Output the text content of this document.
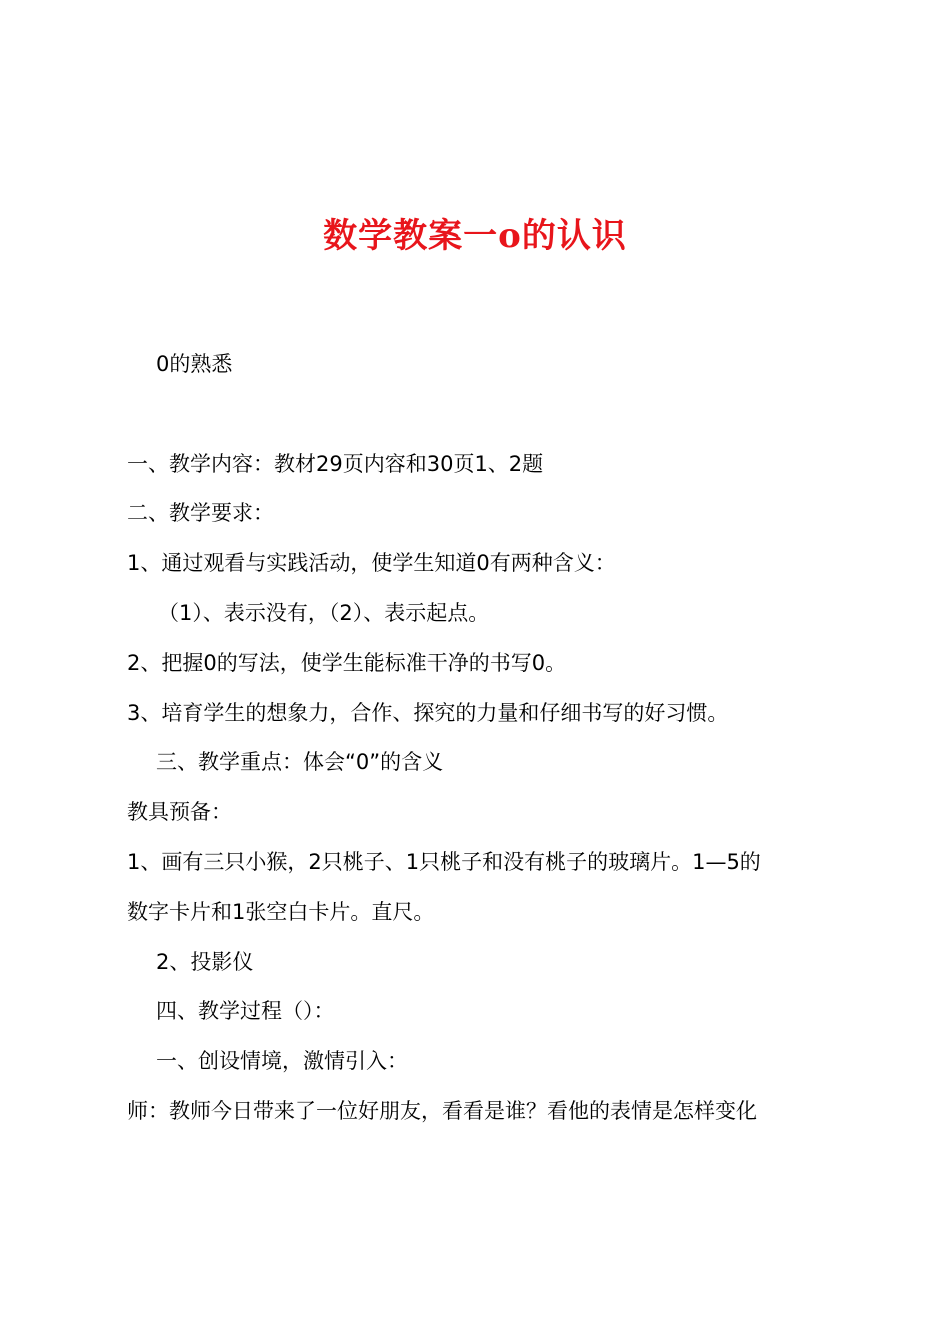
数学教案一o的认识
0的熟悉
一、教学内容：教材29页内容和30页1、2题
二、教学要求：
1、通过观看与实践活动，使学生知道0有两种含义：
（1）、表示没有，（2）、表示起点。
2、把握0的写法，使学生能标准干净的书写0。
3、培育学生的想象力，合作、探究的力量和仔细书写的好习惯。
三、教学重点：体会“0”的含义
教具预备：
1、画有三只小猴，2只桃子、1只桃子和没有桃子的玻璃片。1—5的
数字卡片和1张空白卡片。直尺。
2、投影仪
四、教学过程（）：
一、创设情境，激情引入：
师：教师今日带来了一位好朋友，看看是谁？看他的表情是怎样变化
